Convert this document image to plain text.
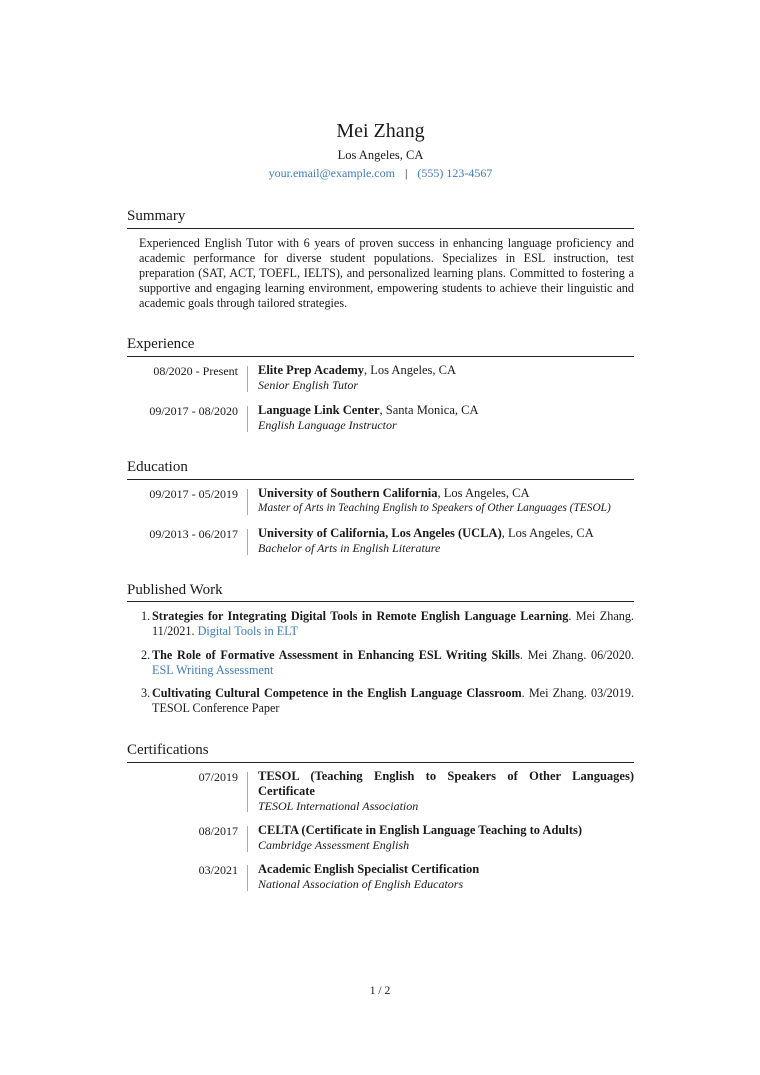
Mei Zhang
Los Angeles, CA
your.email@example.com | (555) 123-4567
Summary
Experienced English Tutor with 6 years of proven success in enhancing language proficiency and academic performance for diverse student populations. Specializes in ESL instruction, test preparation (SAT, ACT, TOEFL, IELTS), and personalized learning plans. Committed to fostering a supportive and engaging learning environment, empowering students to achieve their linguistic and academic goals through tailored strategies.
Experience
08/2020 - Present Elite Prep Academy, Los Angeles, CA
Senior English Tutor
09/2017 - 08/2020 Language Link Center, Santa Monica, CA
English Language Instructor
Education
09/2017 - 05/2019 University of Southern California, Los Angeles, CA
Master of Arts in Teaching English to Speakers of Other Languages (TESOL)
09/2013 - 06/2017 University of California, Los Angeles (UCLA), Los Angeles, CA
Bachelor of Arts in English Literature
Published Work
1. Strategies for Integrating Digital Tools in Remote English Language Learning. Mei Zhang. 11/2021. Digital Tools in ELT
2. The Role of Formative Assessment in Enhancing ESL Writing Skills. Mei Zhang. 06/2020. ESL Writing Assessment
3. Cultivating Cultural Competence in the English Language Classroom. Mei Zhang. 03/2019. TESOL Conference Paper
Certifications
07/2019 TESOL (Teaching English to Speakers of Other Languages) Certificate
TESOL International Association
08/2017 CELTA (Certificate in English Language Teaching to Adults)
Cambridge Assessment English
03/2021 Academic English Specialist Certification
National Association of English Educators
1 / 2
